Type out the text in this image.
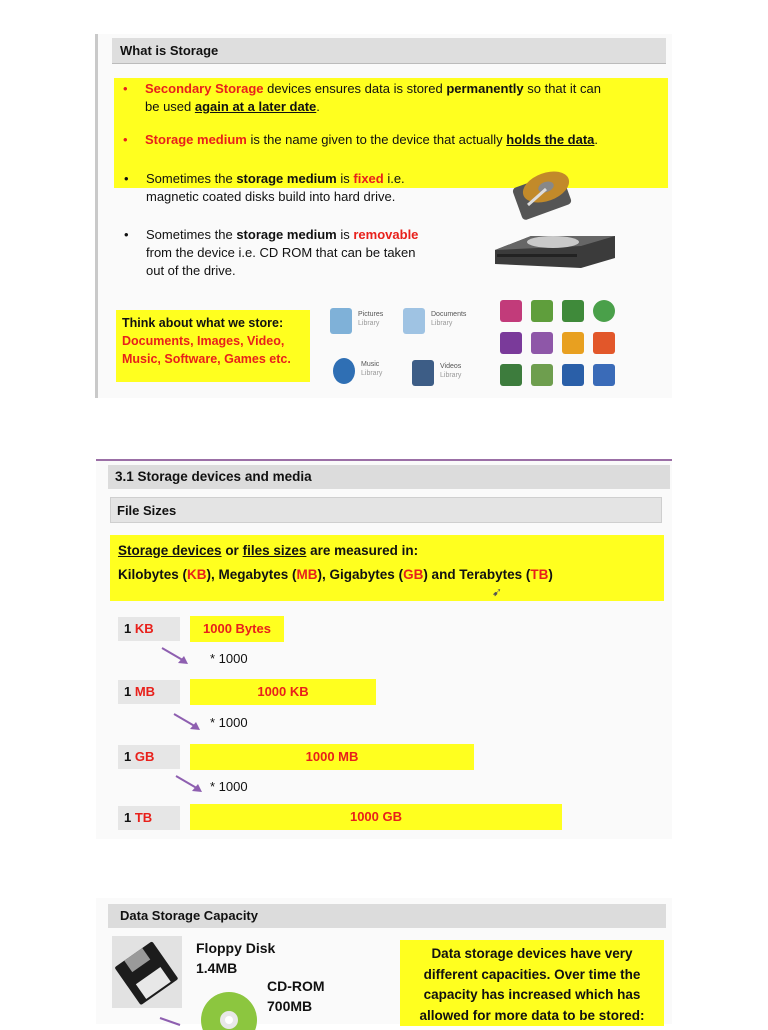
What is Storage
• Secondary Storage devices ensures data is stored permanently so that it can
be used again at a later date.
• Storage medium is the name given to the device that actually holds the data.
• Sometimes the storage medium is fixed i.e.
magnetic coated disks build into hard drive.
• Sometimes the storage medium is removable
from the device i.e. CD ROM that can be taken
out of the drive.
Think about what we store:
Documents, Images, Video,
Music, Software, Games etc.
Pictures
Library
Documents
Library
Music
Library
Videos
Library
3.1 Storage devices and media
File Sizes
Storage devices or files sizes are measured in:
Kilobytes (KB), Megabytes (MB), Gigabytes (GB) and Terabytes (TB)
➹
1 KB	1000 Bytes
* 1000
1 MB	1000 KB
* 1000
1 GB	1000 MB
* 1000
1 TB	1000 GB
Data Storage Capacity
Floppy Disk
1.4MB
CD-ROM
700MB
Data storage devices have very
different capacities. Over time the
capacity has increased which has
allowed for more data to be stored:
